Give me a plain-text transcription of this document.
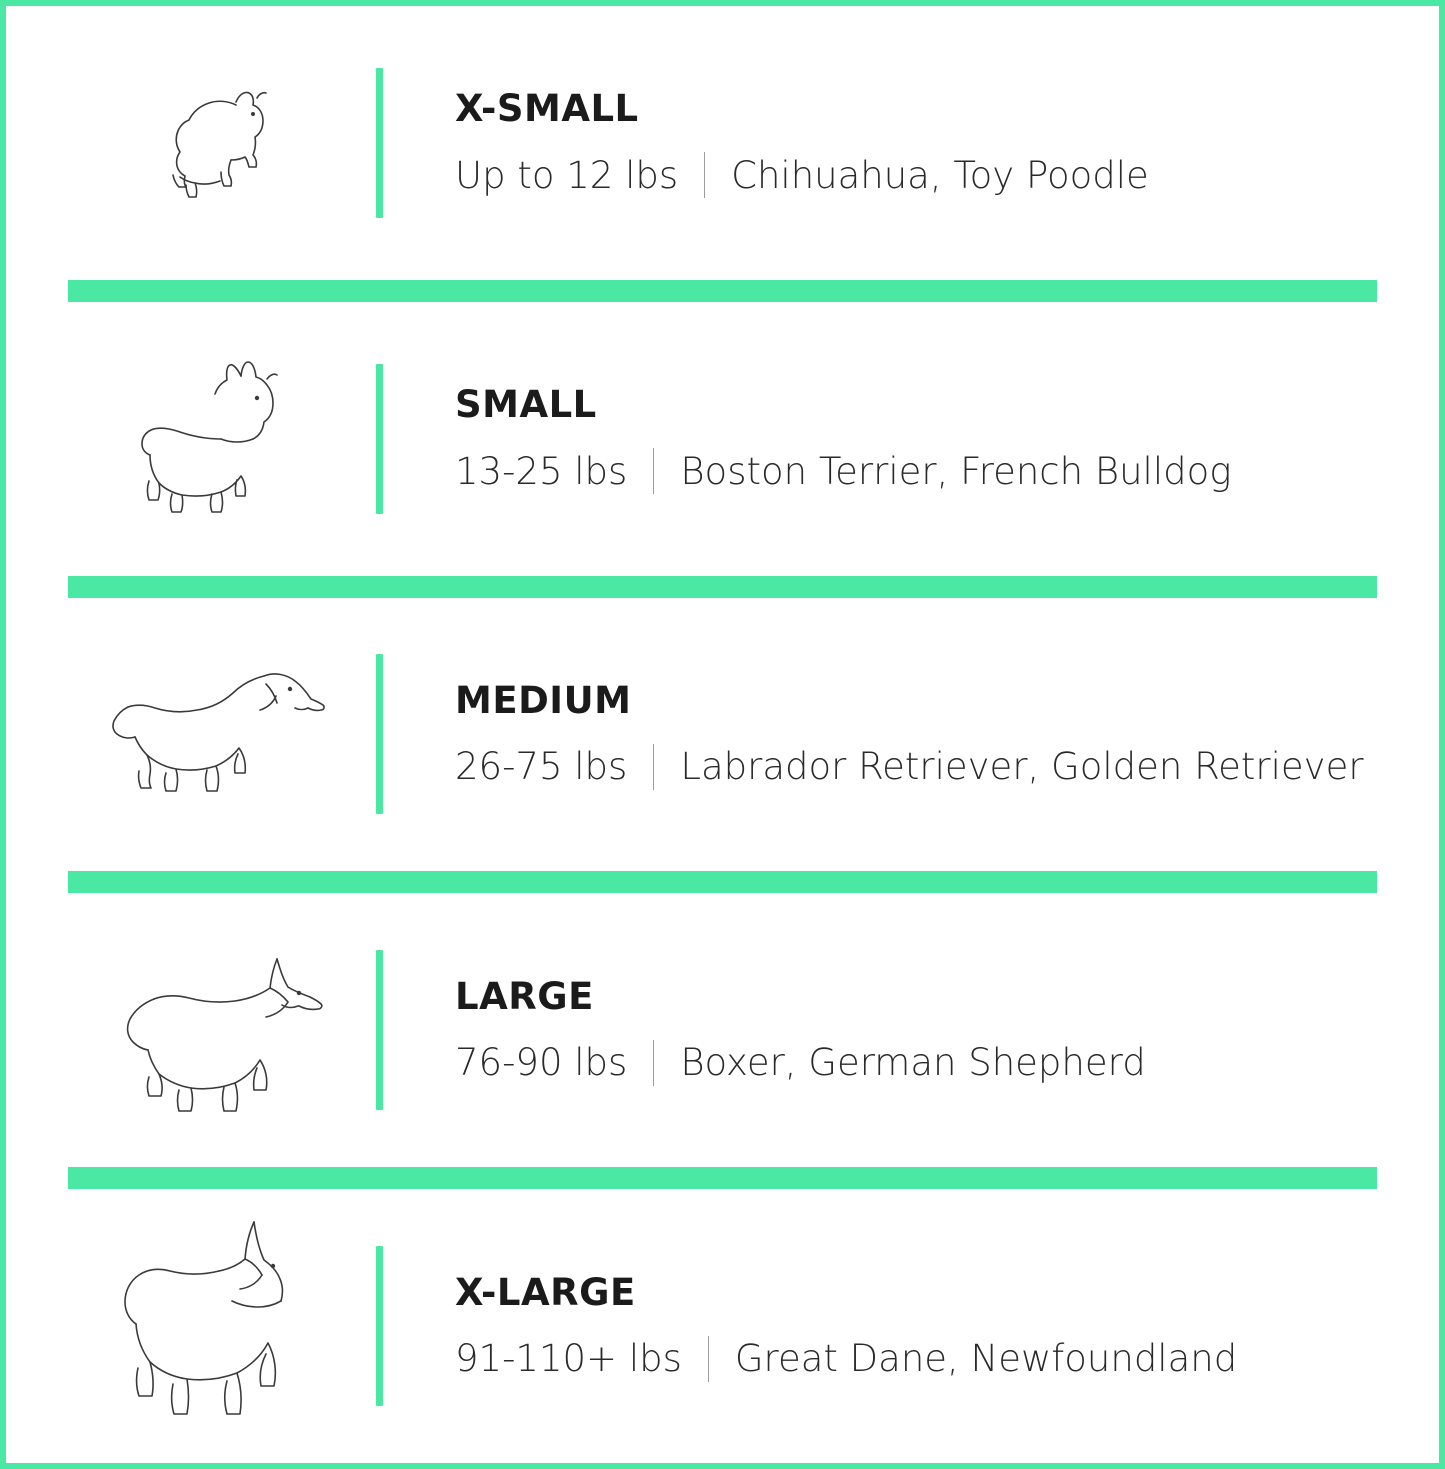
X-SMALL
Up to 12 lbs Chihuahua, Toy Poodle
SMALL
13-25 lbs Boston Terrier, French Bulldog
MEDIUM
26-75 lbs Labrador Retriever, Golden Retriever
LARGE
76-90 lbs Boxer, German Shepherd
X-LARGE
91-110+ lbs Great Dane, Newfoundland
